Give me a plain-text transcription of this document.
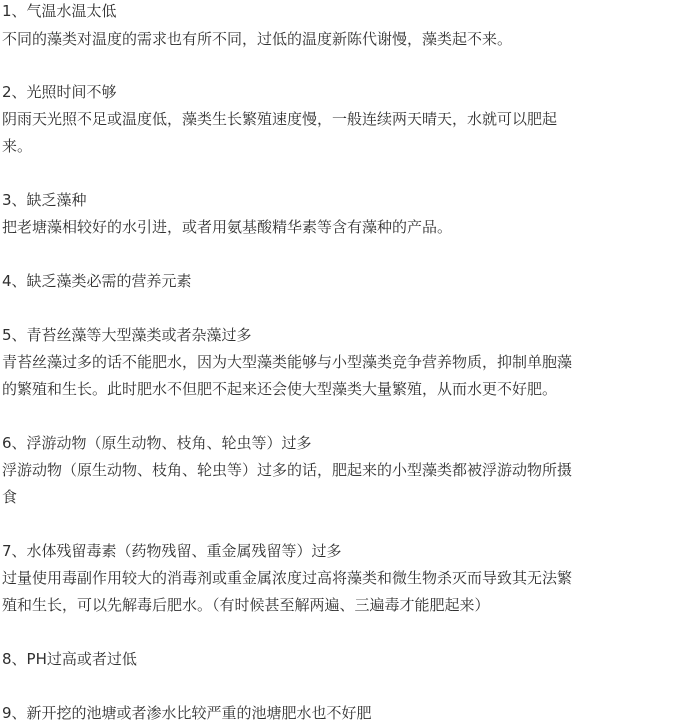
1、气温水温太低
不同的藻类对温度的需求也有所不同，过低的温度新陈代谢慢，藻类起不来。
2、光照时间不够
阴雨天光照不足或温度低，藻类生长繁殖速度慢，一般连续两天晴天，水就可以肥起
来。
3、缺乏藻种
把老塘藻相较好的水引进，或者用氨基酸精华素等含有藻种的产品。
4、缺乏藻类必需的营养元素
5、青苔丝藻等大型藻类或者杂藻过多
青苔丝藻过多的话不能肥水，因为大型藻类能够与小型藻类竞争营养物质，抑制单胞藻
的繁殖和生长。此时肥水不但肥不起来还会使大型藻类大量繁殖，从而水更不好肥。
6、浮游动物（原生动物、枝角、轮虫等）过多
浮游动物（原生动物、枝角、轮虫等）过多的话，肥起来的小型藻类都被浮游动物所摄
食
7、水体残留毒素（药物残留、重金属残留等）过多
过量使用毒副作用较大的消毒剂或重金属浓度过高将藻类和微生物杀灭而导致其无法繁
殖和生长，可以先解毒后肥水。（有时候甚至解两遍、三遍毒才能肥起来）
8、PH过高或者过低
9、新开挖的池塘或者渗水比较严重的池塘肥水也不好肥
